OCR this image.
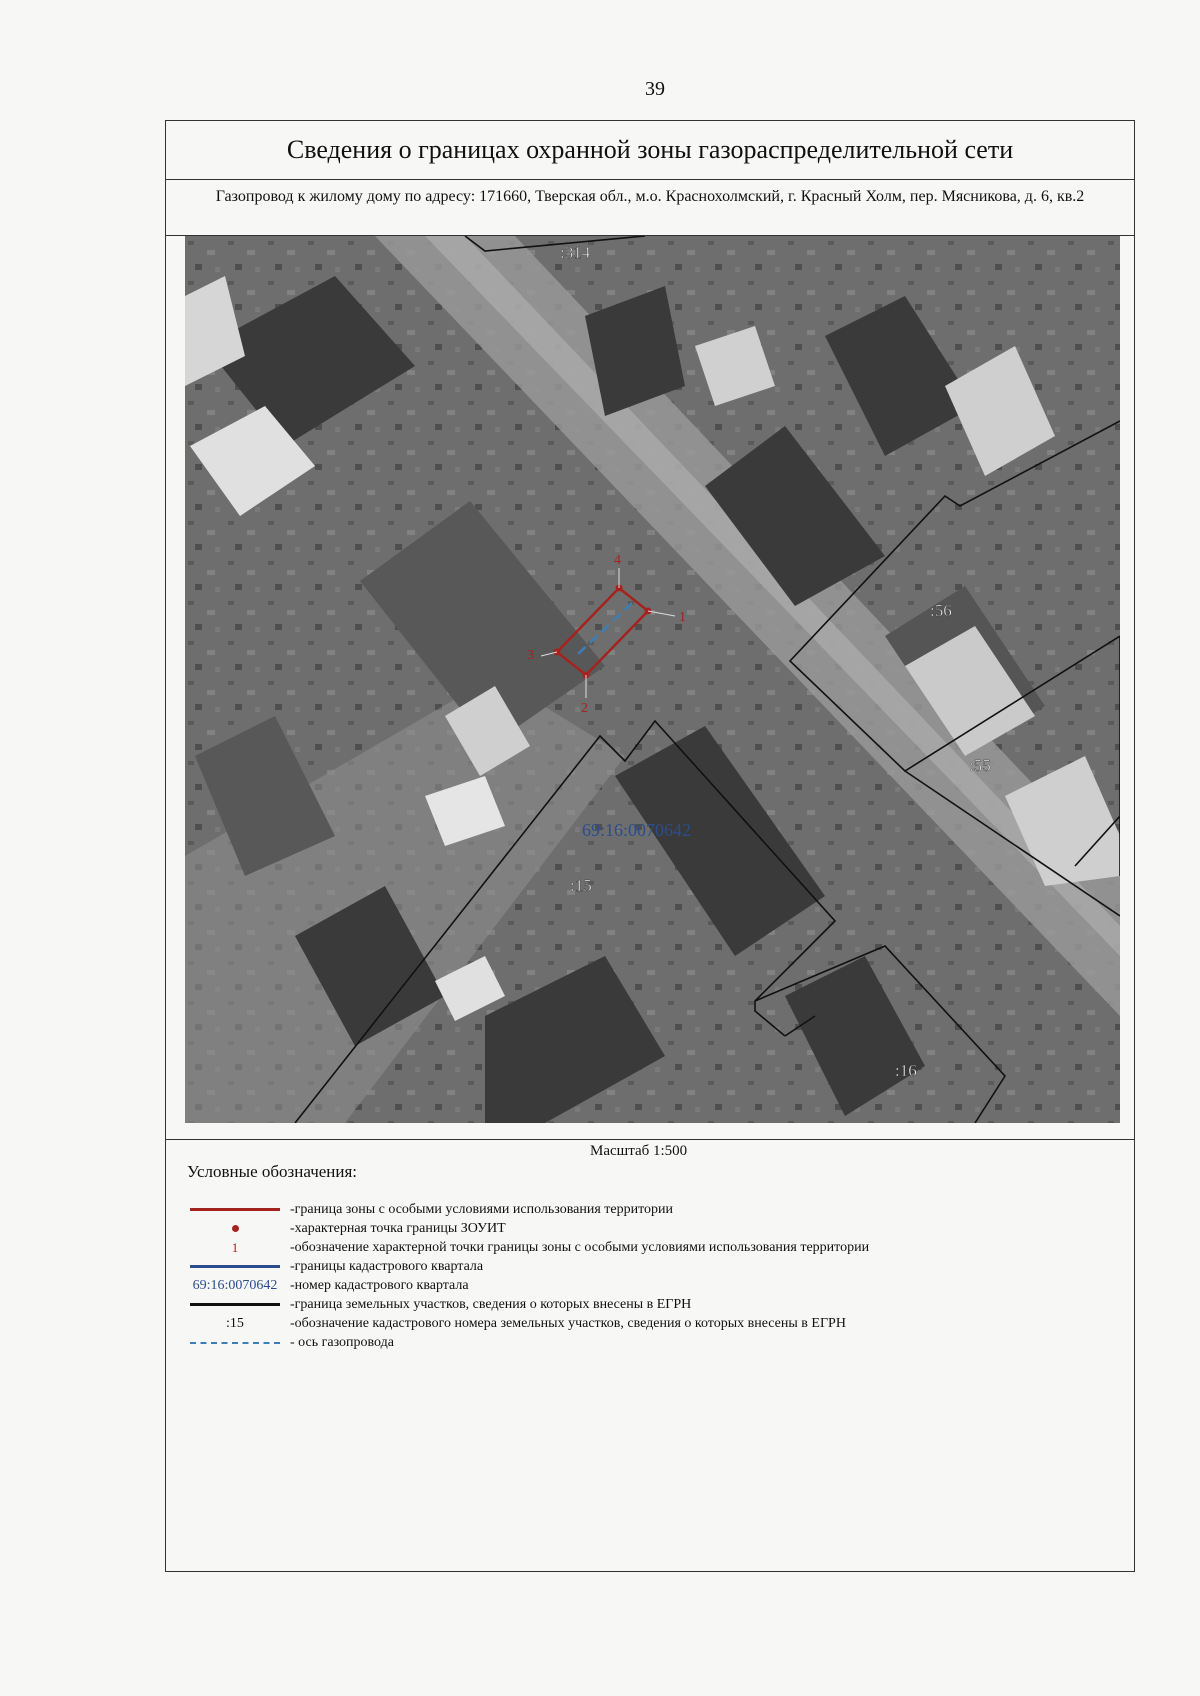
39
Сведения о границах охранной зоны газораспределительной сети
Газопровод к жилому дому по адресу: 171660, Тверская обл., м.о. Краснохолмский, г. Красный Холм, пер. Мясникова, д. 6, кв.2
1
2
3
4
69:16:0070642
:314
:56
:55
:15
:16
Масштаб 1:500
Условные обозначения:
-граница зоны с особыми условиями использования территории
-характерная точка границы ЗОУИТ
1	-обозначение характерной точки границы зоны с особыми условиями использования территории
-границы кадастрового квартала
69:16:0070642 -номер кадастрового квартала
-граница земельных участков, сведения о которых внесены в ЕГРН
:15	-обозначение кадастрового номера земельных участков, сведения о которых внесены в ЕГРН
- ось газопровода
